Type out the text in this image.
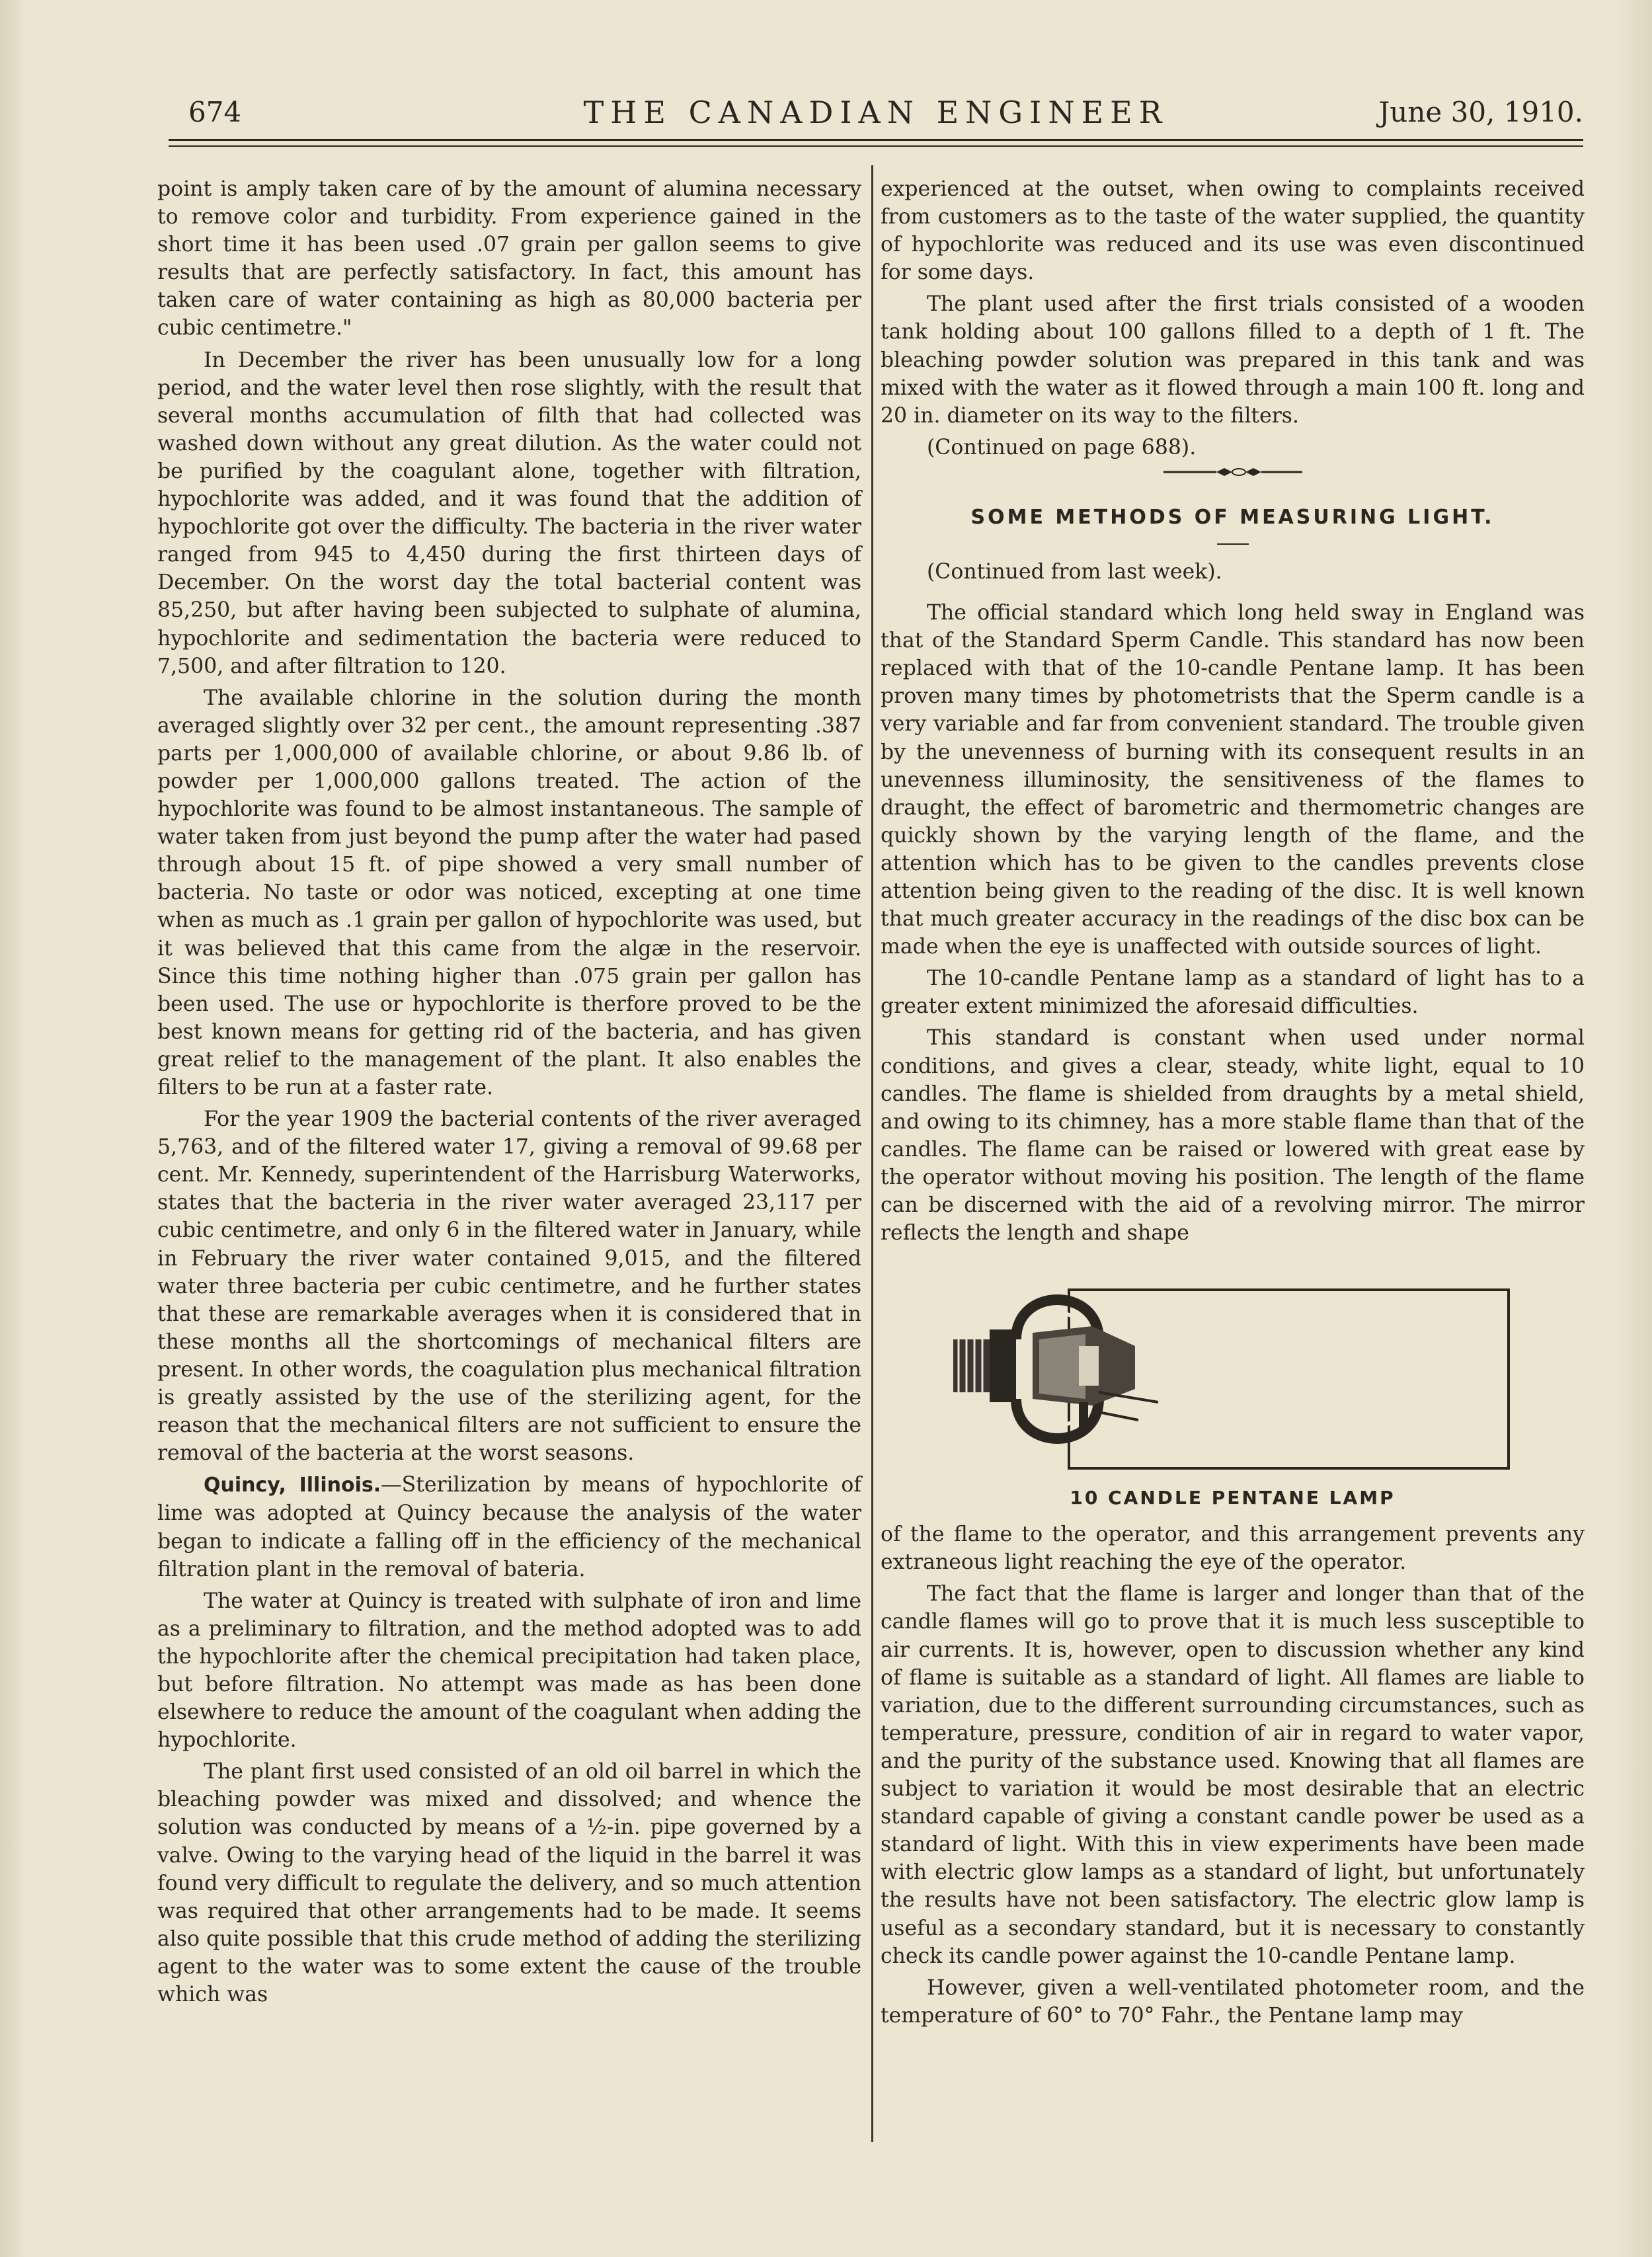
674	THE CANADIAN ENGINEER	June 30, 1910.

point is amply taken care of by the amount of alumina necessary to remove color and turbidity. From experience gained in the short time it has been used .07 grain per gallon seems to give results that are perfectly satisfactory. In fact, this amount has taken care of water containing as high as 80,000 bacteria per cubic centimetre."

In December the river has been unusually low for a long period, and the water level then rose slightly, with the result that several months accumulation of filth that had collected was washed down without any great dilution. As the water could not be purified by the coagulant alone, together with filtration, hypochlorite was added, and it was found that the addition of hypochlorite got over the difficulty. The bacteria in the river water ranged from 945 to 4,450 during the first thirteen days of December. On the worst day the total bacterial content was 85,250, but after having been subjected to sulphate of alumina, hypochlorite and sedimentation the bacteria were reduced to 7,500, and after filtration to 120.

The available chlorine in the solution during the month averaged slightly over 32 per cent., the amount representing .387 parts per 1,000,000 of available chlorine, or about 9.86 lb. of powder per 1,000,000 gallons treated. The action of the hypochlorite was found to be almost instantaneous. The sample of water taken from just beyond the pump after the water had pased through about 15 ft. of pipe showed a very small number of bacteria. No taste or odor was noticed, excepting at one time when as much as .1 grain per gallon of hypochlorite was used, but it was believed that this came from the algæ in the reservoir. Since this time nothing higher than .075 grain per gallon has been used. The use or hypochlorite is therfore proved to be the best known means for getting rid of the bacteria, and has given great relief to the management of the plant. It also enables the filters to be run at a faster rate.

For the year 1909 the bacterial contents of the river averaged 5,763, and of the filtered water 17, giving a removal of 99.68 per cent. Mr. Kennedy, superintendent of the Harrisburg Waterworks, states that the bacteria in the river water averaged 23,117 per cubic centimetre, and only 6 in the filtered water in January, while in February the river water contained 9,015, and the filtered water three bacteria per cubic centimetre, and he further states that these are remarkable averages when it is considered that in these months all the shortcomings of mechanical filters are present. In other words, the coagulation plus mechanical filtration is greatly assisted by the use of the sterilizing agent, for the reason that the mechanical filters are not sufficient to ensure the removal of the bacteria at the worst seasons.

Quincy, Illinois.—Sterilization by means of hypochlorite of lime was adopted at Quincy because the analysis of the water began to indicate a falling off in the efficiency of the mechanical filtration plant in the removal of bateria.

The water at Quincy is treated with sulphate of iron and lime as a preliminary to filtration, and the method adopted was to add the hypochlorite after the chemical precipitation had taken place, but before filtration. No attempt was made as has been done elsewhere to reduce the amount of the coagulant when adding the hypochlorite.

The plant first used consisted of an old oil barrel in which the bleaching powder was mixed and dissolved; and whence the solution was conducted by means of a ½-in. pipe governed by a valve. Owing to the varying head of the liquid in the barrel it was found very difficult to regulate the delivery, and so much attention was required that other arrangements had to be made. It seems also quite possible that this crude method of adding the sterilizing agent to the water was to some extent the cause of the trouble which was

experienced at the outset, when owing to complaints received from customers as to the taste of the water supplied, the quantity of hypochlorite was reduced and its use was even discontinued for some days.

The plant used after the first trials consisted of a wooden tank holding about 100 gallons filled to a depth of 1 ft. The bleaching powder solution was prepared in this tank and was mixed with the water as it flowed through a main 100 ft. long and 20 in. diameter on its way to the filters.

(Continued on page 688).

SOME METHODS OF MEASURING LIGHT.

(Continued from last week).

The official standard which long held sway in England was that of the Standard Sperm Candle. This standard has now been replaced with that of the 10-candle Pentane lamp. It has been proven many times by photometrists that the Sperm candle is a very variable and far from convenient standard. The trouble given by the unevenness of burning with its consequent results in an unevenness illuminosity, the sensitiveness of the flames to draught, the effect of barometric and thermometric changes are quickly shown by the varying length of the flame, and the attention which has to be given to the candles prevents close attention being given to the reading of the disc. It is well known that much greater accuracy in the readings of the disc box can be made when the eye is unaffected with outside sources of light.

The 10-candle Pentane lamp as a standard of light has to a greater extent minimized the aforesaid difficulties.

This standard is constant when used under normal conditions, and gives a clear, steady, white light, equal to 10 candles. The flame is shielded from draughts by a metal shield, and owing to its chimney, has a more stable flame than that of the candles. The flame can be raised or lowered with great ease by the operator without moving his position. The length of the flame can be discerned with the aid of a revolving mirror. The mirror reflects the length and shape

10 CANDLE PENTANE LAMP

of the flame to the operator, and this arrangement prevents any extraneous light reaching the eye of the operator.

The fact that the flame is larger and longer than that of the candle flames will go to prove that it is much less susceptible to air currents. It is, however, open to discussion whether any kind of flame is suitable as a standard of light. All flames are liable to variation, due to the different surrounding circumstances, such as temperature, pressure, condition of air in regard to water vapor, and the purity of the substance used. Knowing that all flames are subject to variation it would be most desirable that an electric standard capable of giving a constant candle power be used as a standard of light. With this in view experiments have been made with electric glow lamps as a standard of light, but unfortunately the results have not been satisfactory. The electric glow lamp is useful as a secondary standard, but it is necessary to constantly check its candle power against the 10-candle Pentane lamp.

However, given a well-ventilated photometer room, and the temperature of 60° to 70° Fahr., the Pentane lamp may
